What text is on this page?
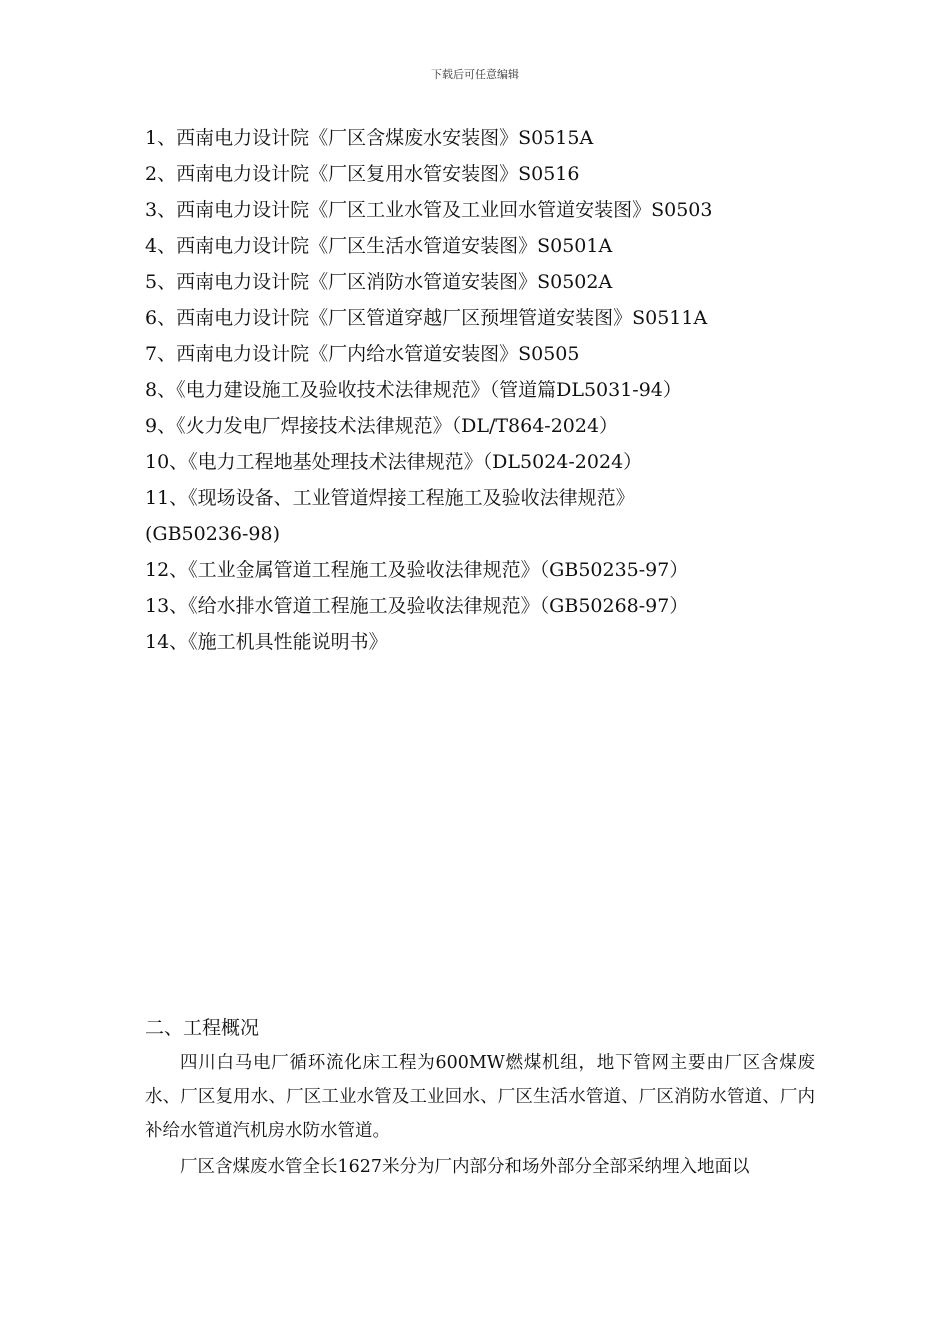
下载后可任意编辑
1、西南电力设计院《厂区含煤废水安装图》S0515A
2、西南电力设计院《厂区复用水管安装图》S0516
3、西南电力设计院《厂区工业水管及工业回水管道安装图》S0503
4、西南电力设计院《厂区生活水管道安装图》S0501A
5、西南电力设计院《厂区消防水管道安装图》S0502A
6、西南电力设计院《厂区管道穿越厂区预埋管道安装图》S0511A
7、西南电力设计院《厂内给水管道安装图》S0505
8、《电力建设施工及验收技术法律规范》（管道篇DL5031-94）
9、《火力发电厂焊接技术法律规范》（DL/T864-2024）
10、《电力工程地基处理技术法律规范》（DL5024-2024）
11、《现场设备、工业管道焊接工程施工及验收法律规范》
(GB50236-98)
12、《工业金属管道工程施工及验收法律规范》（GB50235-97）
13、《给水排水管道工程施工及验收法律规范》（GB50268-97）
14、《施工机具性能说明书》
二、工程概况

四川白马电厂循环流化床工程为600MW燃煤机组，地下管网主要由厂区含煤废水、厂区复用水、厂区工业水管及工业回水、厂区生活水管道、厂区消防水管道、厂内补给水管道汽机房水防水管道。

厂区含煤废水管全长1627米分为厂内部分和场外部分全部采纳埋入地面以
